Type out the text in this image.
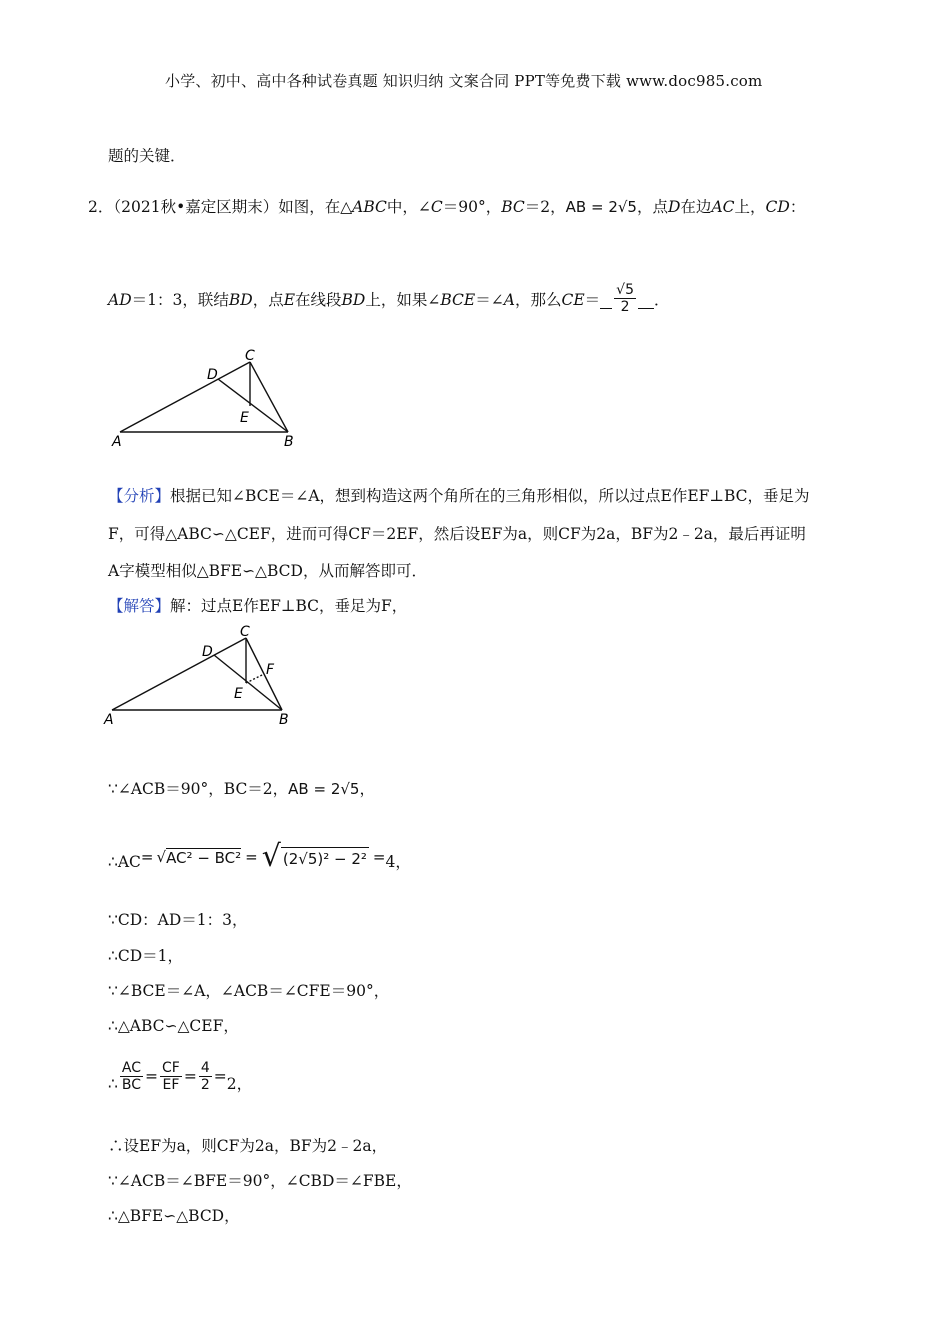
小学、初中、高中各种试卷真题 知识归纳 文案合同 PPT等免费下载 www.doc985.com
题的关键．
2．（2021秋•嘉定区期末）如图，在△ABC中，∠C＝90°，BC＝2，AB = 2√5，点D在边AC上，CD：
AD＝1：3，联结BD，点E在线段BD上，如果∠BCE＝∠A，那么$CE= \frac{√5}{2}$ ．
A	B
C
D
E
【分析】根据已知∠BCE＝∠A，想到构造这两个角所在的三角形相似，所以过点E作EF⊥BC，垂足为
F，可得△ABC∽△CEF，进而可得CF＝2EF，然后设EF为a，则CF为2a，BF为2﹣2a，最后再证明
A字模型相似△BFE∽△BCD，从而解答即可．
【解答】解：过点E作EF⊥BC，垂足为F，
A	B
C
D
E
F
∵∠ACB＝90°，BC＝2，AB = 2√5，
∴AC = √ AC² − BC² = √ (2√5)² − 2² = 4，
∵CD：AD＝1：3，
∴CD＝1，
∵∠BCE＝∠A，∠ACB＝∠CFE＝90°，
∴△ABC∽△CEF，
∴ $\frac{AC}{BC} = \frac{CF}{EF} = \frac{4}{2} = 2$，
∴设EF为a，则CF为2a，BF为2﹣2a，
∵∠ACB＝∠BFE＝90°，∠CBD＝∠FBE，
∴△BFE∽△BCD，
